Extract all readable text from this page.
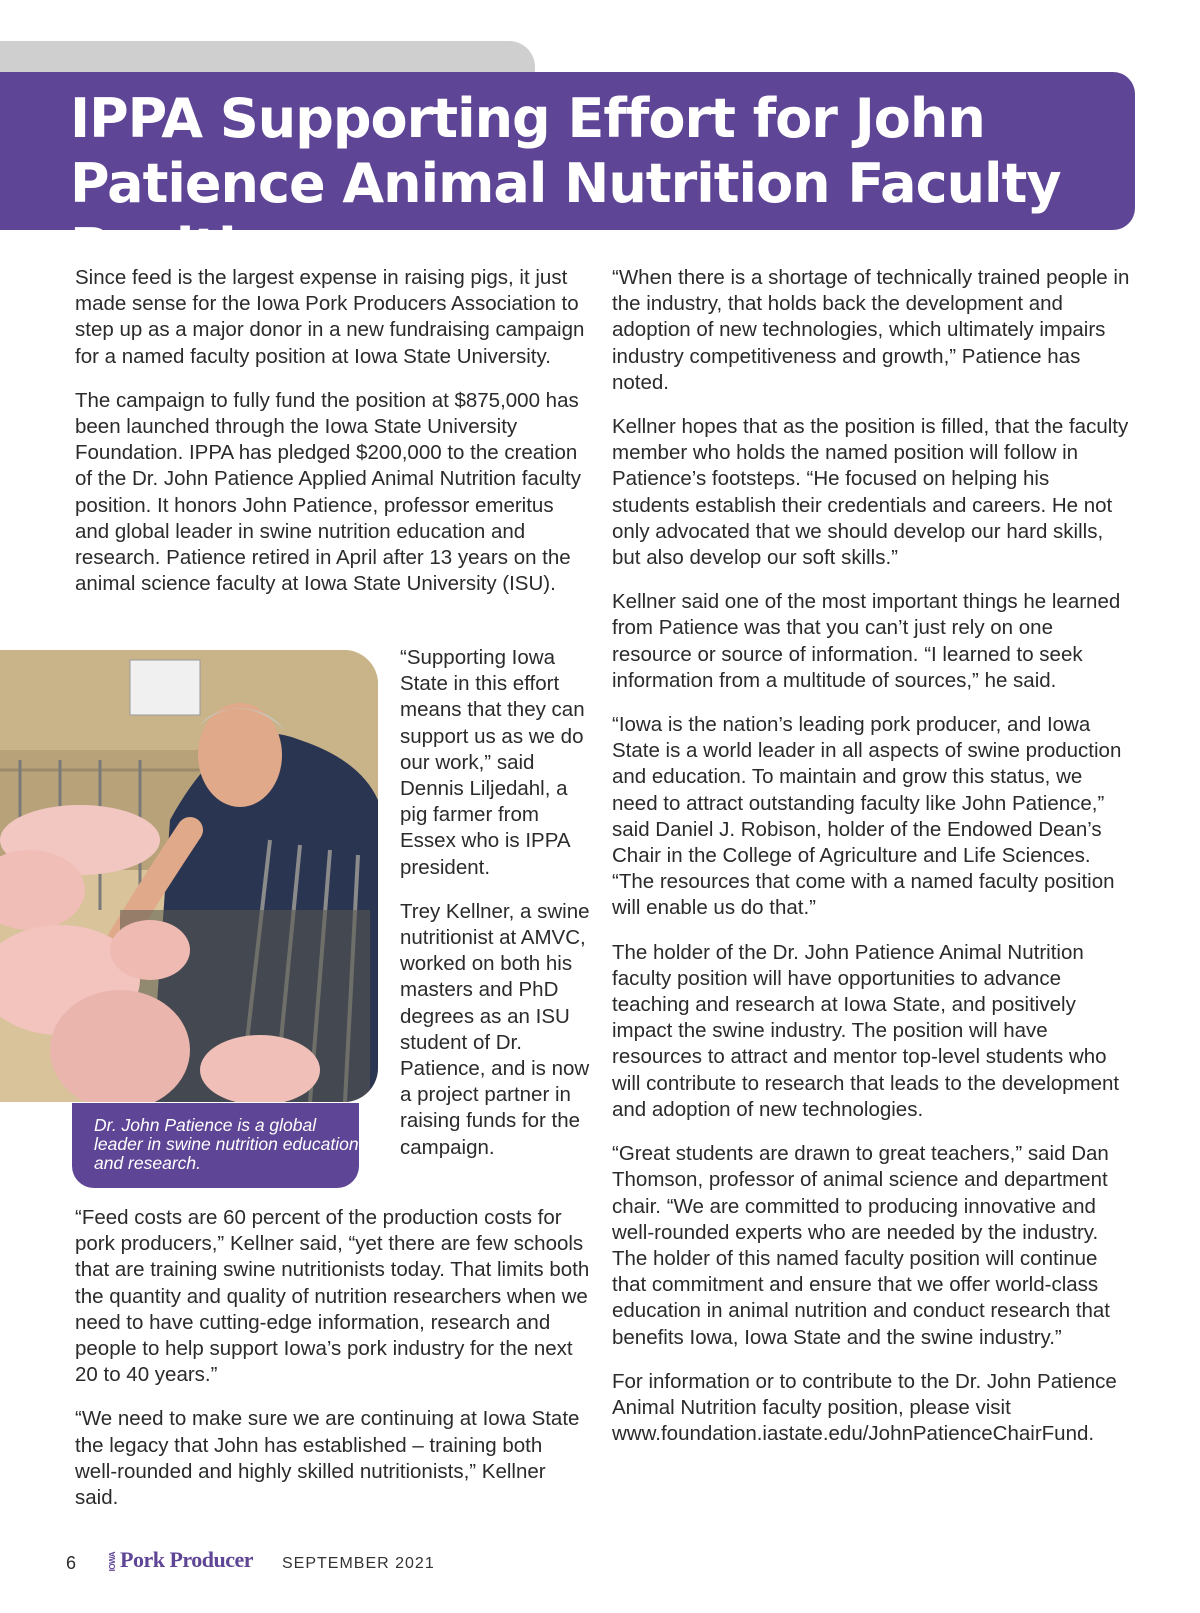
IPPA Supporting Effort for John Patience Animal Nutrition Faculty Position

Since feed is the largest expense in raising pigs, it just made sense for the Iowa Pork Producers Association to step up as a major donor in a new fundraising campaign for a named faculty position at Iowa State University.

The campaign to fully fund the position at $875,000 has been launched through the Iowa State University Foundation. IPPA has pledged $200,000 to the creation of the Dr. John Patience Applied Animal Nutrition faculty position. It honors John Patience, professor emeritus and global leader in swine nutrition education and research. Patience retired in April after 13 years on the animal science faculty at Iowa State University (ISU).

Dr. John Patience is a global leader in swine nutrition education and research.

“Supporting Iowa State in this effort means that they can support us as we do our work,” said Dennis Liljedahl, a pig farmer from Essex who is IPPA president.

Trey Kellner, a swine nutritionist at AMVC, worked on both his masters and PhD degrees as an ISU student of Dr. Patience, and is now a project partner in raising funds for the campaign.

“Feed costs are 60 percent of the production costs for pork producers,” Kellner said, “yet there are few schools that are training swine nutritionists today. That limits both the quantity and quality of nutrition researchers when we need to have cutting-edge information, research and people to help support Iowa’s pork industry for the next 20 to 40 years.”

“We need to make sure we are continuing at Iowa State the legacy that John has established – training both well-rounded and highly skilled nutritionists,” Kellner said.

“When there is a shortage of technically trained people in the industry, that holds back the development and adoption of new technologies, which ultimately impairs industry competitiveness and growth,” Patience has noted.

Kellner hopes that as the position is filled, that the faculty member who holds the named position will follow in Patience’s footsteps. “He focused on helping his students establish their credentials and careers. He not only advocated that we should develop our hard skills, but also develop our soft skills.”

Kellner said one of the most important things he learned from Patience was that you can’t just rely on one resource or source of information. “I learned to seek information from a multitude of sources,” he said.

“Iowa is the nation’s leading pork producer, and Iowa State is a world leader in all aspects of swine production and education. To maintain and grow this status, we need to attract outstanding faculty like John Patience,” said Daniel J. Robison, holder of the Endowed Dean’s Chair in the College of Agriculture and Life Sciences. “The resources that come with a named faculty position will enable us do that.”

The holder of the Dr. John Patience Animal Nutrition faculty position will have opportunities to advance teaching and research at Iowa State, and positively impact the swine industry. The position will have resources to attract and mentor top-level students who will contribute to research that leads to the development and adoption of new technologies.

“Great students are drawn to great teachers,” said Dan Thomson, professor of animal science and department chair. “We are committed to producing innovative and well-rounded experts who are needed by the industry. The holder of this named faculty position will continue that commitment and ensure that we offer world-class education in animal nutrition and conduct research that benefits Iowa, Iowa State and the swine industry.”

For information or to contribute to the Dr. John Patience Animal Nutrition faculty position, please visit www.foundation.iastate.edu/JohnPatienceChairFund.

6	IOWA Pork Producer SEPTEMBER 2021
